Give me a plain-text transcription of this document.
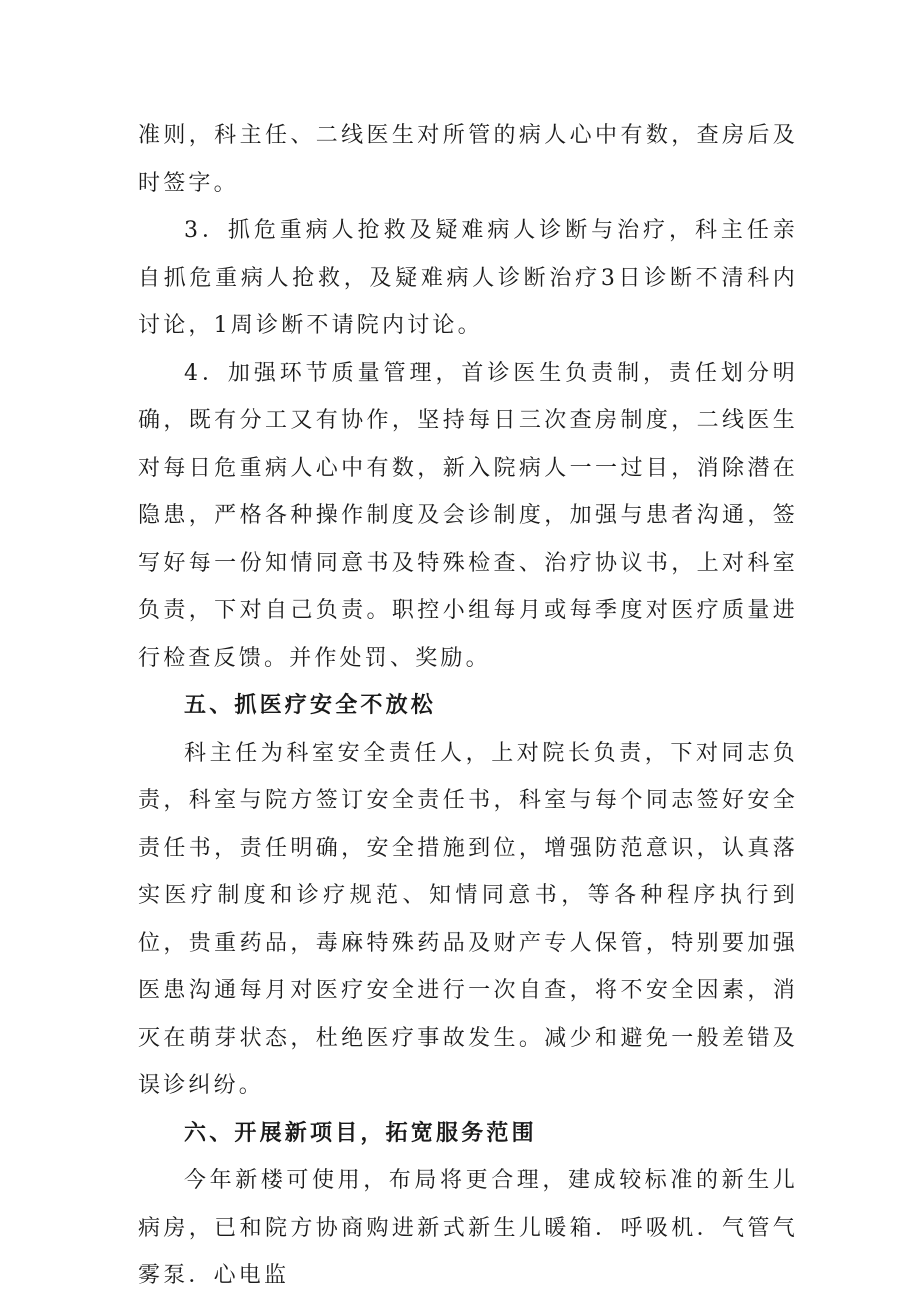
准则，科主任、二线医生对所管的病人心中有数，查房后及时签字。

3．抓危重病人抢救及疑难病人诊断与治疗，科主任亲自抓危重病人抢救，及疑难病人诊断治疗3日诊断不清科内讨论，1周诊断不请院内讨论。

4．加强环节质量管理，首诊医生负责制，责任划分明确，既有分工又有协作，坚持每日三次查房制度，二线医生对每日危重病人心中有数，新入院病人一一过目，消除潜在隐患，严格各种操作制度及会诊制度，加强与患者沟通，签写好每一份知情同意书及特殊检查、治疗协议书，上对科室负责，下对自己负责。职控小组每月或每季度对医疗质量进行检查反馈。并作处罚、奖励。

五、抓医疗安全不放松

科主任为科室安全责任人，上对院长负责，下对同志负责，科室与院方签订安全责任书，科室与每个同志签好安全责任书，责任明确，安全措施到位，增强防范意识，认真落实医疗制度和诊疗规范、知情同意书，等各种程序执行到位，贵重药品，毒麻特殊药品及财产专人保管，特别要加强医患沟通每月对医疗安全进行一次自查，将不安全因素，消灭在萌芽状态，杜绝医疗事故发生。减少和避免一般差错及误诊纠纷。

六、开展新项目，拓宽服务范围

今年新楼可使用，布局将更合理，建成较标准的新生儿病房，已和院方协商购进新式新生儿暖箱．呼吸机．气管气雾泵．心电监
